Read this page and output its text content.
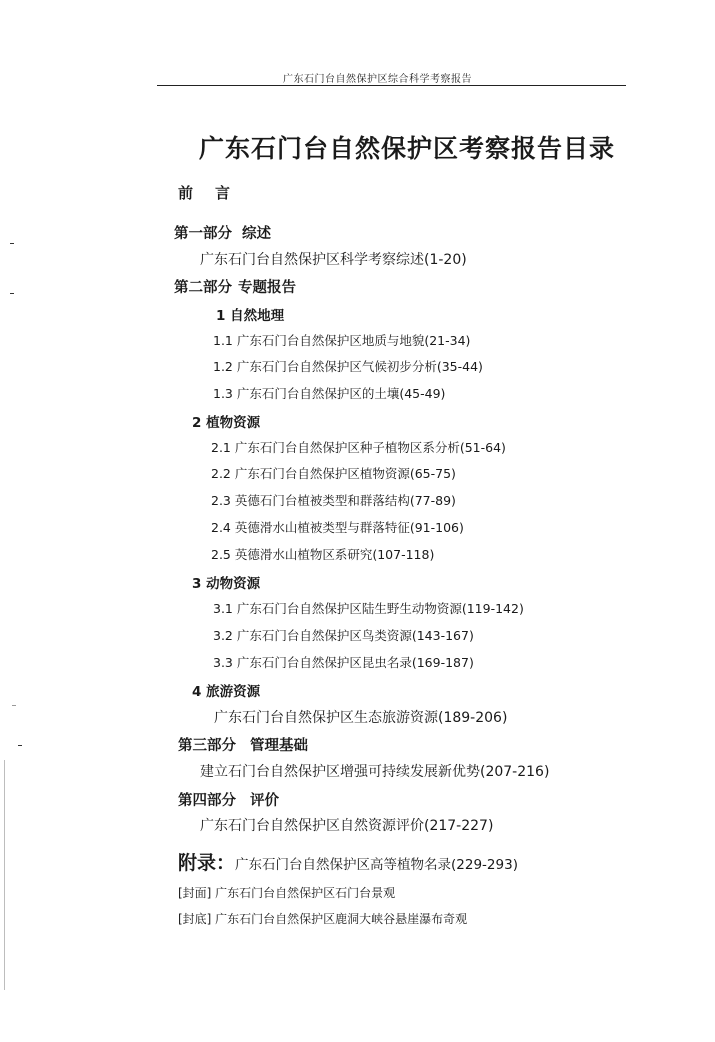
广东石门台自然保护区综合科学考察报告
广东石门台自然保护区考察报告目录
前 言
第一部分 综述
广东石门台自然保护区科学考察综述(1-20)
第二部分 专题报告
1 自然地理
1.1 广东石门台自然保护区地质与地貌(21-34)
1.2 广东石门台自然保护区气候初步分析(35-44)
1.3 广东石门台自然保护区的土壤(45-49)
2 植物资源
2.1 广东石门台自然保护区种子植物区系分析(51-64)
2.2 广东石门台自然保护区植物资源(65-75)
2.3 英德石门台植被类型和群落结构(77-89)
2.4 英德滑水山植被类型与群落特征(91-106)
2.5 英德滑水山植物区系研究(107-118)
3 动物资源
3.1 广东石门台自然保护区陆生野生动物资源(119-142)
3.2 广东石门台自然保护区鸟类资源(143-167)
3.3 广东石门台自然保护区昆虫名录(169-187)
4 旅游资源
广东石门台自然保护区生态旅游资源(189-206)
第三部分 管理基础
建立石门台自然保护区增强可持续发展新优势(207-216)
第四部分 评价
广东石门台自然保护区自然资源评价(217-227)
附录：广东石门台自然保护区高等植物名录(229-293)
[封面] 广东石门台自然保护区石门台景观
[封底] 广东石门台自然保护区鹿洞大峡谷悬崖瀑布奇观
